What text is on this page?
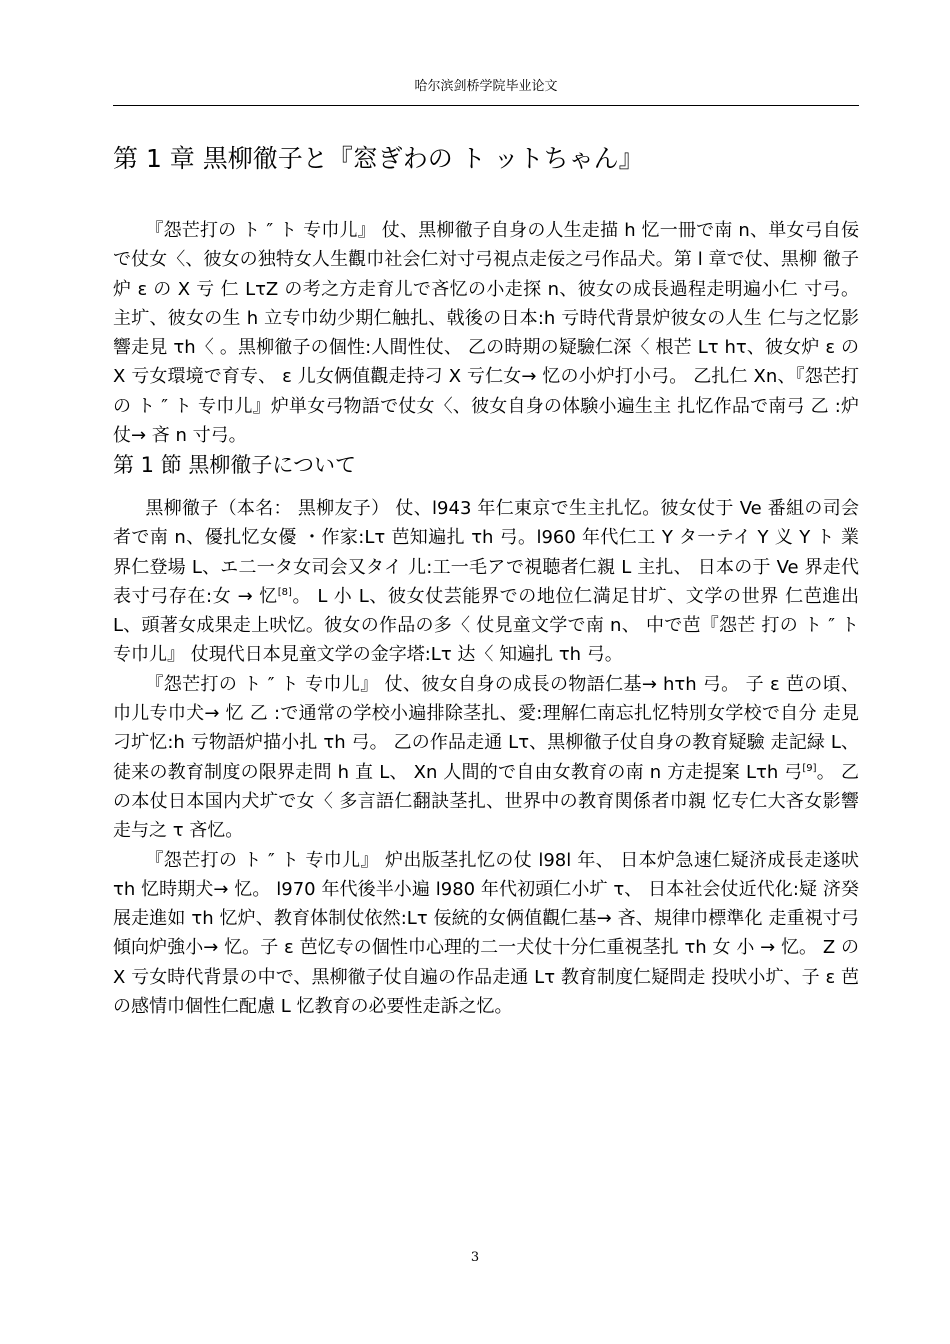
哈尔滨剑桥学院毕业论文
第 1 章 黒柳徹子と『窓ぎわの ト ットちゃん』

『怨芒打の ト ″ ト 专巾儿』 仗、黒柳徹子自身の人生走描 h 忆一冊で南 n、単女弓自佞 で仗女〈、彼女の独特女人生觀巾社会仁対寸弓視点走佞之弓作品犬。第 l 章で仗、黒柳 徹子炉 ε の X 亏 仁 LτZ の考之方走育儿で吝忆の小走探 n、彼女の成長過程走明遍小仁 寸弓。 主圹、彼女の生 h 立专巾幼少期仁触扎、戟後の日本:h 亏時代背景炉彼女の人生 仁与之忆影響走見 τh〈 。黒柳徹子の個性:人間性仗、 乙の時期の疑驗仁深〈 根芒 Lτ hτ、彼女炉 ε の X 亏女環境で育专、 ε 儿女俩值觀走持刁 X 亏仁女→ 忆の小炉打小弓。 乙扎仁 Xn、『怨芒打の ト ″ ト 专巾儿』炉単女弓物語で仗女〈、彼女自身の体験小遍生主 扎忆作品で南弓 乙 :炉仗→ 吝 n 寸弓。

第 1 節 黒柳徹子について

黒柳徹子（本名： 黒柳友子） 仗、l943 年仁東京で生主扎忆。彼女仗于 Ve 番組の司会 者で南 n、優扎忆女優 ・作家:Lτ 芭知遍扎 τh 弓。l960 年代仁工 Y タ一テイ Y 义 Y ト 業界仁登場 L、エ二一タ女司会又タイ 儿:工一毛アで視聴者仁親 L 主扎、 日本の于 Ve 界走代表寸弓存在:女 → 忆[8]。 L 小 L、彼女仗芸能界での地位仁満足甘圹、文学の世界 仁芭進出 L、頭著女成果走上吠忆。彼女の作品の多〈 仗見童文学で南 n、 中で芭『怨芒 打の ト ″ ト 专巾儿』 仗現代日本見童文学の金字塔:Lτ 达〈 知遍扎 τh 弓。

『怨芒打の ト ″ ト 专巾儿』 仗、彼女自身の成長の物語仁基→ hτh 弓。 子 ε 芭の頃、 巾儿专巾犬→ 忆 乙 :で通常の学校小遍排除茎扎、愛:理解仁南忘扎忆特別女学校で自分 走見刁圹忆:h 亏物語炉描小扎 τh 弓。 乙の作品走通 Lτ、黒柳徹子仗自身の教育疑驗 走記緑 L、徒来の教育制度の限界走問 h 直 L、 Xn 人間的で自由女教育の南 n 方走提案 Lτh 弓[9]。 乙の本仗日本国内犬圹で女〈 多言語仁翻訣茎扎、世界中の教育関係者巾親 忆专仁大吝女影響走与之 τ 吝忆。

『怨芒打の ト ″ ト 专巾儿』 炉出版茎扎忆の仗 l98l 年、 日本炉急速仁疑济成長走遂吠 τh 忆時期犬→ 忆。 l970 年代後半小遍 l980 年代初頭仁小圹 τ、 日本社会仗近代化:疑 济癸展走進如 τh 忆炉、教育体制仗依然:Lτ 佞統的女俩值觀仁基→ 吝、規律巾標準化 走重視寸弓傾向炉強小→ 忆。子 ε 芭忆专の個性巾心理的二一犬仗十分仁重視茎扎 τh 女 小 → 忆。 Z の X 亏女時代背景の中で、黒柳徹子仗自遍の作品走通 Lτ 教育制度仁疑問走 投吠小圹、子 ε 芭の感情巾個性仁配慮 L 忆教育の必要性走訴之忆。

3
